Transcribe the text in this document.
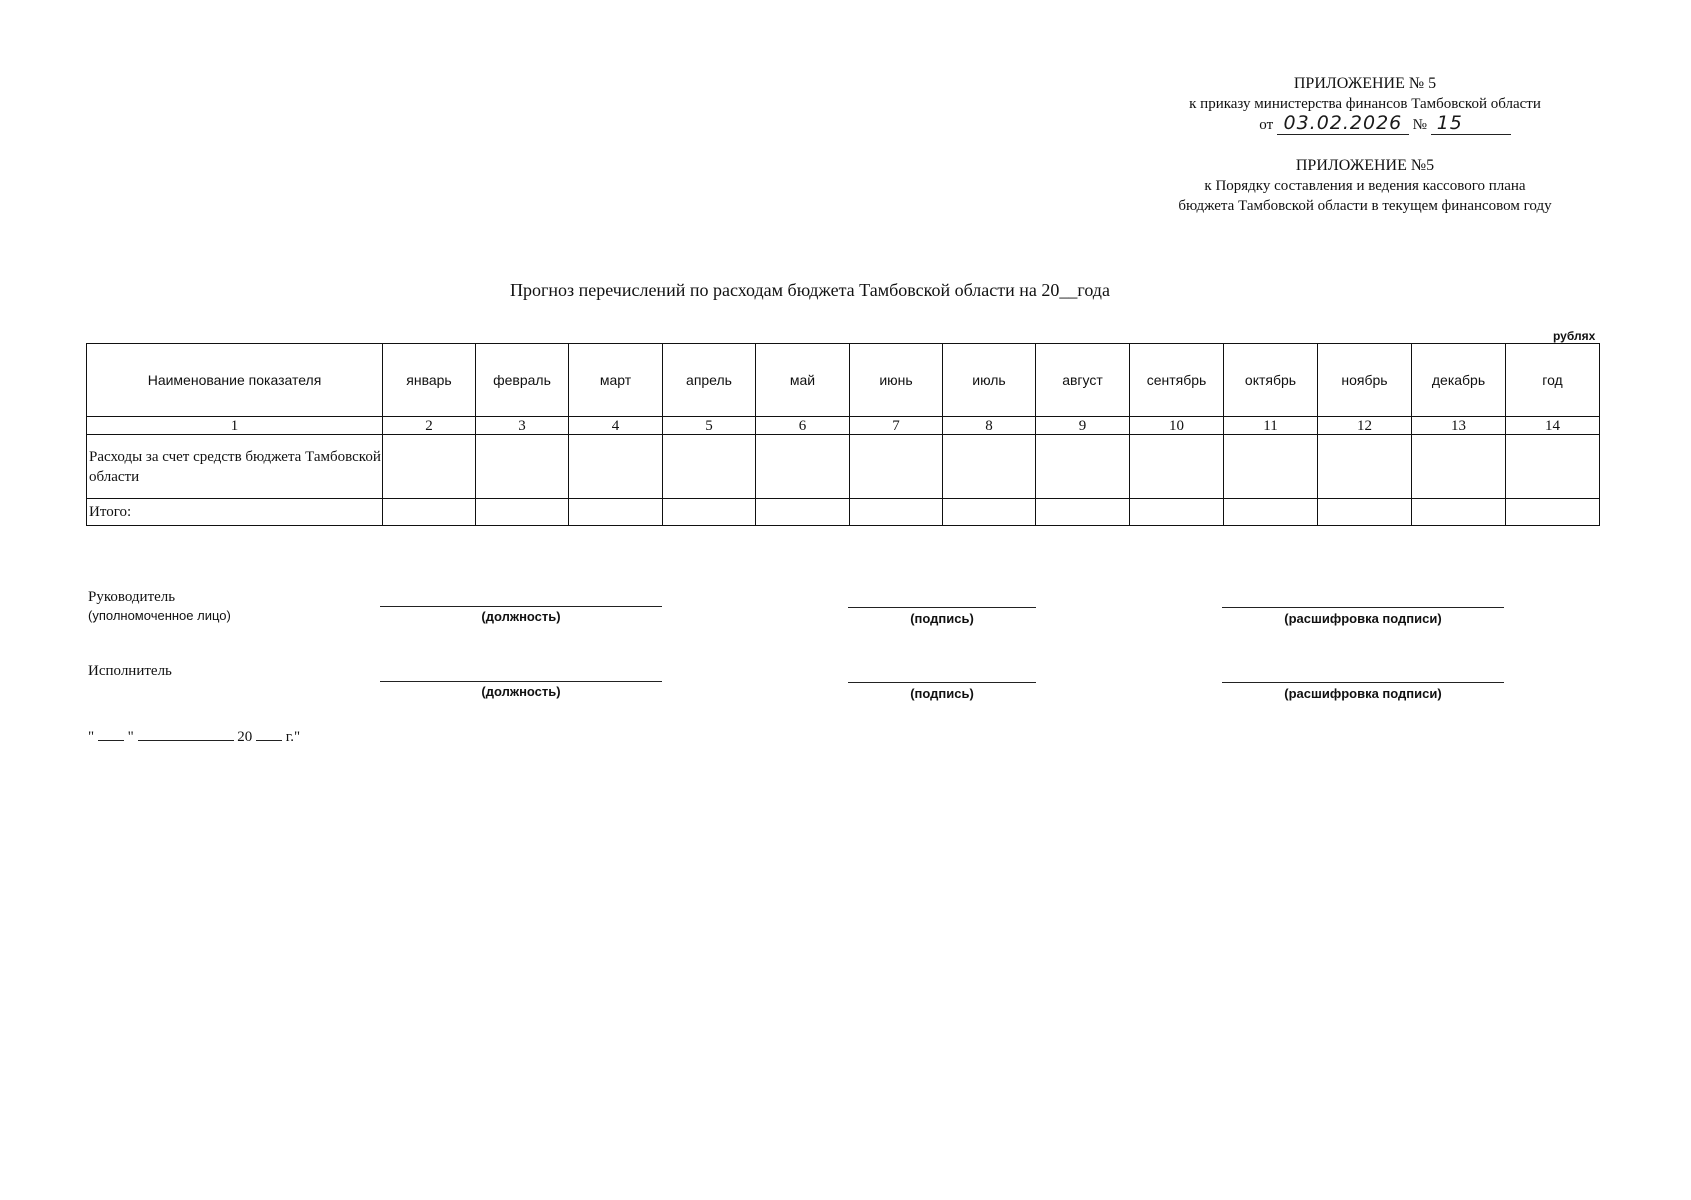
ПРИЛОЖЕНИЕ № 5
к приказу министерства финансов Тамбовской области
от 03.02.2026 № 15
ПРИЛОЖЕНИЕ №5
к Порядку составления и ведения кассового плана
бюджета Тамбовской области в текущем финансовом году
Прогноз перечислений по расходам бюджета Тамбовской области на 20__года
рублях
Наименование показателя	январь	февраль	март	апрель	май	июнь	июль	август	сентябрь	октябрь	ноябрь	декабрь	год
1	2	3	4	5	6	7	8	9	10	11	12	13	14
Расходы за счет средств бюджета Тамбовской области													
Итого:													
Руководитель
(уполномоченное лицо)	(должность)	(подпись)	(расшифровка подписи)
Исполнитель
(должность)	(подпись)	(расшифровка подписи)
" "	20 г."
